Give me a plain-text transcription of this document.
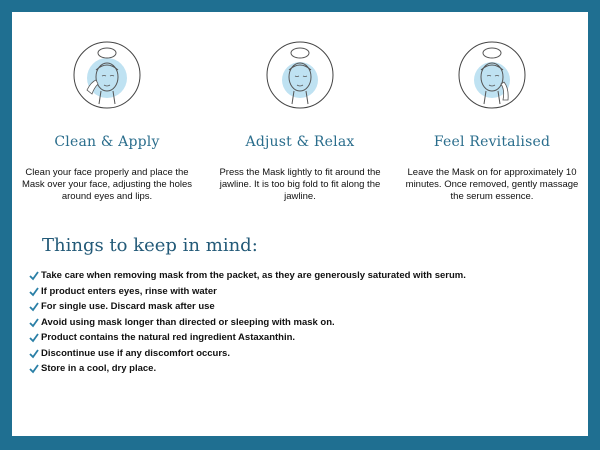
Clean & Apply
Clean your face properly and place the Mask over your face, adjusting the holes around eyes and lips.
Adjust & Relax
Press the Mask lightly to fit around the jawline. It is too big fold to fit along the jawline.
Feel Revitalised
Leave the Mask on for approximately 10 minutes. Once removed, gently massage the serum essence.
Things to keep in mind:
Take care when removing mask from the packet, as they are generously saturated with serum.
If product enters eyes, rinse with water
For single use. Discard mask after use
Avoid using mask longer than directed or sleeping with mask on.
Product contains the natural red ingredient Astaxanthin.
Discontinue use if any discomfort occurs.
Store in a cool, dry place.
